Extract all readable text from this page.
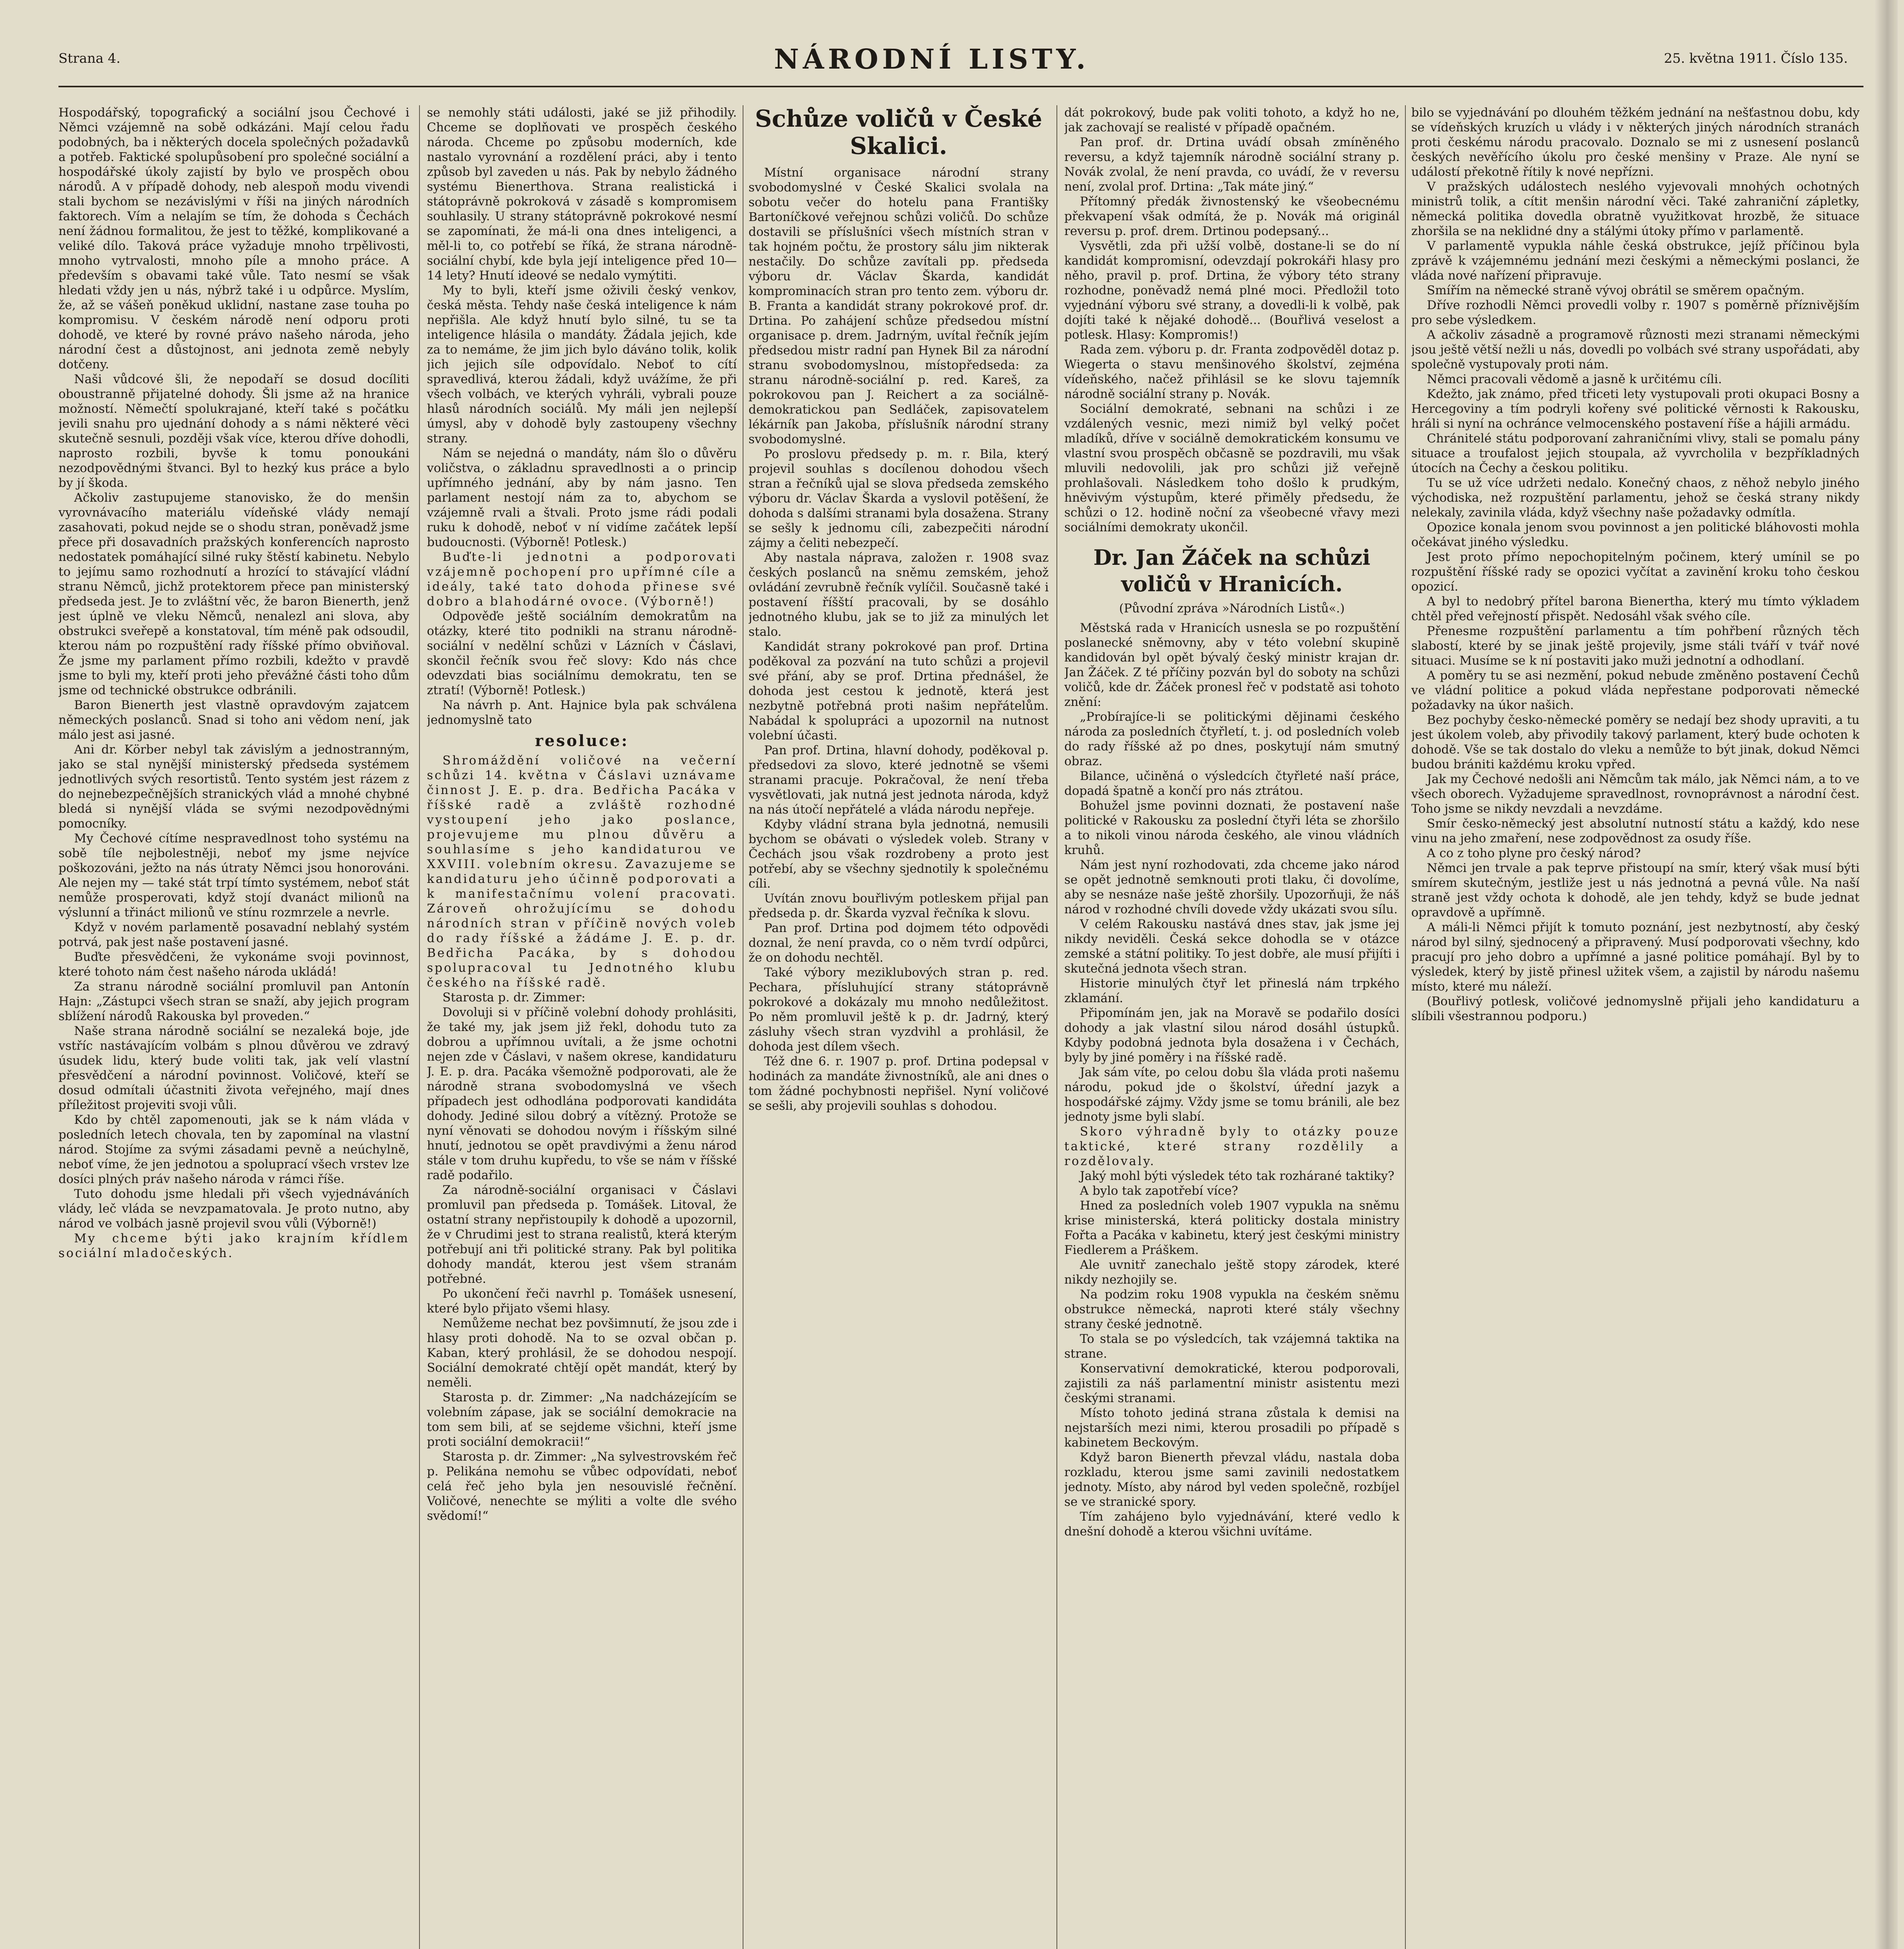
Strana 4.	NÁRODNÍ LISTY.	25. května 1911. Číslo 135.

Hospodářský, topografický a sociální jsou Čechové i Němci vzájemně na sobě odkázáni. Mají celou řadu podobných, ba i některých docela společných požadavků a potřeb. Faktické spolupůsobení pro společné sociální a hospodářské úkoly zajistí by bylo ve prospěch obou národů. A v případě dohody, neb alespoň modu vivendi stali bychom se nezávislými v říši na jiných národních faktorech. Vím a nelajím se tím, že dohoda s Čechách není žádnou formalitou, že jest to těžké, komplikované a veliké dílo. Taková práce vyžaduje mnoho trpělivosti, mnoho vytrvalosti, mnoho píle a mnoho práce. A především s obavami také vůle. Tato nesmí se však hledati vždy jen u nás, nýbrž také i u odpůrce. Myslím, že, až se vášeň poněkud uklidní, nastane zase touha po kompromisu. V českém národě není odporu proti dohodě, ve které by rovné právo našeho národa, jeho národní čest a důstojnost, ani jednota země nebyly dotčeny.

Naši vůdcové šli, že nepodaří se dosud docíliti oboustranně přijatelné dohody. Šli jsme až na hranice možností. Němečtí spolukrajané, kteří také s počátku jevili snahu pro ujednání dohody a s námi některé věci skutečně sesnuli, později však více, kterou dříve dohodli, naprosto rozbili, byvše k tomu ponoukáni nezodpovědnými štvanci. Byl to hezký kus práce a bylo by jí škoda.

Ačkoliv zastupujeme stanovisko, že do menšin vyrovnávacího materiálu vídeňské vlády nemají zasahovati, pokud nejde se o shodu stran, poněvadž jsme přece při dosavadních pražských konferencích naprosto nedostatek pomáhající silné ruky štěstí kabinetu. Nebylo to jejímu samo rozhodnutí a hrozící to stávající vládní stranu Němců, jichž protektorem přece pan ministerský předseda jest. Je to zvláštní věc, že baron Bienerth, jenž jest úplně ve vleku Němců, nenalezl ani slova, aby obstrukci sveřepě a konstatoval, tím méně pak odsoudil, kterou nám po rozpuštění rady říšské přímo obviňoval. Že jsme my parlament přímo rozbili, kdežto v pravdě jsme to byli my, kteří proti jeho převážné části toho dům jsme od technické obstrukce odbránili.

Baron Bienerth jest vlastně opravdovým zajatcem německých poslanců. Snad si toho ani vědom není, jak málo jest asi jasné.

Ani dr. Körber nebyl tak závislým a jednostranným, jako se stal nynější ministerský předseda systémem jednotlivých svých resortistů. Tento systém jest rázem z do nejnebezpečnějších stranických vlád a mnohé chybné bledá si nynější vláda se svými nezodpovědnými pomocníky.

My Čechové cítíme nespravedlnost toho systému na sobě tíle nejbolestněji, neboť my jsme nejvíce poškozováni, ježto na nás útraty Němci jsou honorováni. Ale nejen my — také stát trpí tímto systémem, neboť stát nemůže prosperovati, když stojí dvanáct milionů na výslunní a třináct milionů ve stínu rozmrzele a nevrle.

Když v novém parlamentě posavadní neblahý systém potrvá, pak jest naše postavení jasné.

Buďte přesvědčeni, že vykonáme svoji povinnost, které tohoto nám čest našeho národa ukládá!

Za stranu národně sociální promluvil pan Antonín Hajn: „Zástupci všech stran se snaží, aby jejich program sblížení národů Rakouska byl proveden.“

Naše strana národně sociální se nezaleká boje, jde vstříc nastávajícím volbám s plnou důvěrou ve zdravý úsudek lidu, který bude voliti tak, jak velí vlastní přesvědčení a národní povinnost. Voličové, kteří se dosud odmítali účastniti života veřejného, mají dnes příležitost projeviti svoji vůli.

Kdo by chtěl zapomenouti, jak se k nám vláda v posledních letech chovala, ten by zapomínal na vlastní národ. Stojíme za svými zásadami pevně a neúchylně, neboť víme, že jen jednotou a spoluprací všech vrstev lze dosíci plných práv našeho národa v rámci říše.

Tuto dohodu jsme hledali při všech vyjednáváních vlády, leč vláda se nevzpamatovala. Je proto nutno, aby národ ve volbách jasně projevil svou vůli (Výborně!)

My chceme býti jako krajním křídlem sociální mladočeských.

se nemohly státi události, jaké se již přihodily. Chceme se doplňovati ve prospěch českého národa. Chceme po způsobu moderních, kde nastalo vyrovnání a rozdělení práci, aby i tento způsob byl zaveden u nás. Pak by nebylo žádného systému Bienerthova. Strana realistická i státoprávně pokroková v zásadě s kompromisem souhlasily. U strany státoprávně pokrokové nesmí se zapomínati, že má-li ona dnes inteligenci, a měl-li to, co potřebí se říká, že strana národně-sociální chybí, kde byla její inteligence před 10—14 lety? Hnutí ideové se nedalo vymýtiti.

My to byli, kteří jsme oživili český venkov, česká města. Tehdy naše česká inteligence k nám nepřišla. Ale když hnutí bylo silné, tu se ta inteligence hlásila o mandáty. Žádala jejich, kde za to nemáme, že jim jich bylo dáváno tolik, kolik jich jejich síle odpovídalo. Neboť to cítí spravedlivá, kterou žádali, když uvážíme, že při všech volbách, ve kterých vyhráli, vybrali pouze hlasů národních sociálů. My máli jen nejlepší úmysl, aby v dohodě byly zastoupeny všechny strany.

Nám se nejedná o mandáty, nám šlo o důvěru voličstva, o základnu spravedlnosti a o princip upřímného jednání, aby by nám jasno. Ten parlament nestojí nám za to, abychom se vzájemně rvali a štvali. Proto jsme rádi podali ruku k dohodě, neboť v ní vidíme začátek lepší budoucnosti. (Výborně! Potlesk.)

Buďte-li jednotni a podporovati vzájemně pochopení pro upřímné cíle a ideály, také tato dohoda přinese své dobro a blahodárné ovoce. (Výborně!)

Odpověďe ještě sociálním demokratům na otázky, které tito podnikli na stranu národně-sociální v nedělní schůzi v Lázních v Čáslavi, skončil řečník svou řeč slovy: Kdo nás chce odevzdati bias sociálnímu demokratu, ten se ztratí! (Výborně! Potlesk.)

Na návrh p. Ant. Hajnice byla pak schválena jednomyslně tato

resoluce:

Shromáždění voličové na večerní schůzi 14. května v Čáslavi uznávame činnost J. E. p. dra. Bedřicha Pacáka v říšské radě a zvláště rozhodné vystoupení jeho jako poslance, projevujeme mu plnou důvěru a souhlasíme s jeho kandidaturou ve XXVIII. volebním okresu. Zavazujeme se kandidaturu jeho účinně podporovati a k manifestačnímu volení pracovati. Zároveň ohrožujícímu se dohodu národních stran v příčině nových voleb do rady říšské a žádáme J. E. p. dr. Bedřicha Pacáka, by s dohodou spolupracoval tu Jednotného klubu českého na říšské radě.

Starosta p. dr. Zimmer:

Dovoluji si v příčině volební dohody prohlásiti, že také my, jak jsem již řekl, dohodu tuto za dobrou a upřímnou uvítali, a že jsme ochotni nejen zde v Čáslavi, v našem okrese, kandidaturu J. E. p. dra. Pacáka všemožně podporovati, ale že národně strana svobodomyslná ve všech případech jest odhodlána podporovati kandidáta dohody. Jediné silou dobrý a vítězný. Protože se nyní věnovati se dohodou novým i říšským silné hnutí, jednotou se opět pravdivými a ženu národ stále v tom druhu kupředu, to vše se nám v říšské radě podařilo.

Za národně-sociální organisaci v Čáslavi promluvil pan předseda p. Tomášek. Litoval, že ostatní strany nepřistoupily k dohodě a upozornil, že v Chrudimi jest to strana realistů, která kterým potřebují ani tři politické strany. Pak byl politika dohody mandát, kterou jest všem stranám potřebné.

Po ukončení řeči navrhl p. Tomášek usnesení, které bylo přijato všemi hlasy.

Nemůžeme nechat bez povšimnutí, že jsou zde i hlasy proti dohodě. Na to se ozval občan p. Kaban, který prohlásil, že se dohodou nespojí. Sociální demokraté chtějí opět mandát, který by neměli.

Starosta p. dr. Zimmer: „Na nadcházejícím se volebním zápase, jak se sociální demokracie na tom sem bili, ať se sejdeme všichni, kteří jsme proti sociální demokracii!“

Starosta p. dr. Zimmer: „Na sylvestrovském řeč p. Pelikána nemohu se vůbec odpovídati, neboť celá řeč jeho byla jen nesouvislé řečnění. Voličové, nenechte se mýliti a volte dle svého svědomí!“

Schůze voličů v České Skalici.

Místní organisace národní strany svobodomyslné v České Skalici svolala na sobotu večer do hotelu pana Františky Bartoníčkové veřejnou schůzi voličů. Do schůze dostavili se příslušníci všech místních stran v tak hojném počtu, že prostory sálu jim nikterak nestačily. Do schůze zavítali pp. předseda výboru dr. Václav Škarda, kandidát komprominacích stran pro tento zem. výboru dr. B. Franta a kandidát strany pokrokové prof. dr. Drtina. Po zahájení schůze předsedou místní organisace p. drem. Jadrným, uvítal řečník jejím předsedou mistr radní pan Hynek Bil za národní stranu svobodomyslnou, místopředseda: za stranu národně-sociální p. red. Kareš, za pokrokovou pan J. Reichert a za sociálně-demokratickou pan Sedláček, zapisovatelem lékárník pan Jakoba, příslušník národní strany svobodomyslné.

Po proslovu předsedy p. m. r. Bila, který projevil souhlas s docílenou dohodou všech stran a řečníků ujal se slova předseda zemského výboru dr. Václav Škarda a vyslovil potěšení, že dohoda s dalšími stranami byla dosažena. Strany se sešly k jednomu cíli, zabezpečiti národní zájmy a čeliti nebezpečí.

Aby nastala náprava, založen r. 1908 svaz českých poslanců na sněmu zemském, jehož ovládání zevrubně řečník vylíčil. Současně také i postavení říšští pracovali, by se dosáhlo jednotného klubu, jak se to již za minulých let stalo.

Kandidát strany pokrokové pan prof. Drtina poděkoval za pozvání na tuto schůzi a projevil své přání, aby se prof. Drtina přednášel, že dohoda jest cestou k jednotě, která jest nezbytně potřebná proti našim nepřátelům. Nabádal k spolupráci a upozornil na nutnost volební účasti.

Pan prof. Drtina, hlavní dohody, poděkoval p. předsedovi za slovo, které jednotně se všemi stranami pracuje. Pokračoval, že není třeba vysvětlovati, jak nutná jest jednota národa, když na nás útočí nepřátelé a vláda národu nepřeje.

Kdyby vládní strana byla jednotná, nemusili bychom se obávati o výsledek voleb. Strany v Čechách jsou však rozdrobeny a proto jest potřebí, aby se všechny sjednotily k společnému cíli.

Uvítán znovu bouřlivým potleskem přijal pan předseda p. dr. Škarda vyzval řečníka k slovu.

Pan prof. Drtina pod dojmem této odpovědi doznal, že není pravda, co o něm tvrdí odpůrci, že on dohodu nechtěl.

Také výbory meziklubových stran p. red. Pechara, přísluhující strany státoprávně pokrokové a dokázaly mu mnoho nedůležitost. Po něm promluvil ještě k p. dr. Jadrný, který zásluhy všech stran vyzdvihl a prohlásil, že dohoda jest dílem všech.

Též dne 6. r. 1907 p. prof. Drtina podepsal v hodinách za mandáte živnostníků, ale ani dnes o tom žádné pochybnosti nepřišel. Nyní voličové se sešli, aby projevili souhlas s dohodou.

dát pokrokový, bude pak voliti tohoto, a když ho ne, jak zachovají se realisté v případě opačném.

Pan prof. dr. Drtina uvádí obsah zmíněného reversu, a když tajemník národně sociální strany p. Novák zvolal, že není pravda, co uvádí, že v reversu není, zvolal prof. Drtina: „Tak máte jiný.“

Přítomný předák živnostenský ke všeobecnému překvapení však odmítá, že p. Novák má originál reversu p. prof. drem. Drtinou podepsaný...

Vysvětli, zda při užší volbě, dostane-li se do ní kandidát kompromisní, odevzdají pokrokáři hlasy pro něho, pravil p. prof. Drtina, že výbory této strany rozhodne, poněvadž nemá plné moci. Předložil toto vyjednání výboru své strany, a dovedli-li k volbě, pak dojíti také k nějaké dohodě... (Bouřlivá veselost a potlesk. Hlasy: Kompromis!)

Rada zem. výboru p. dr. Franta zodpověděl dotaz p. Wiegerta o stavu menšinového školství, zejména vídeňského, načež přihlásil se ke slovu tajemník národně sociální strany p. Novák.

Sociální demokraté, sebnani na schůzi i ze vzdálených vesnic, mezi nimiž byl velký počet mladíků, dříve v sociálně demokratickém konsumu ve vlastní svou prospěch občasně se pozdravili, mu však mluvili nedovolili, jak pro schůzi již veřejně prohlašovali. Následkem toho došlo k prudkým, hněvivým výstupům, které přiměly předsedu, že schůzi o 12. hodině noční za všeobecné vřavy mezi sociálními demokraty ukončil.

Dr. Jan Žáček na schůzi voličů v Hranicích.

(Původní zpráva »Národních Listů«.)

Městská rada v Hranicích usnesla se po rozpuštění poslanecké sněmovny, aby v této volební skupině kandidován byl opět bývalý český ministr krajan dr. Jan Žáček. Z té příčiny pozván byl do soboty na schůzi voličů, kde dr. Žáček pronesl řeč v podstatě asi tohoto znění:

„Probírajíce-li se politickými dějinami českého národa za posledních čtyřletí, t. j. od posledních voleb do rady říšské až po dnes, poskytují nám smutný obraz.

Bilance, učiněná o výsledcích čtyřleté naší práce, dopadá špatně a končí pro nás ztrátou.

Bohužel jsme povinni doznati, že postavení naše politické v Rakousku za poslední čtyři léta se zhoršilo a to nikoli vinou národa českého, ale vinou vládních kruhů.

Nám jest nyní rozhodovati, zda chceme jako národ se opět jednotně semknouti proti tlaku, či dovolíme, aby se nesnáze naše ještě zhoršily. Upozorňuji, že náš národ v rozhodné chvíli dovede vždy ukázati svou sílu.

V celém Rakousku nastává dnes stav, jak jsme jej nikdy neviděli. Česká sekce dohodla se v otázce zemské a státní politiky. To jest dobře, ale musí přijíti i skutečná jednota všech stran.

Historie minulých čtyř let přineslá nám trpkého zklamání.

Připomínám jen, jak na Moravě se podařilo dosíci dohody a jak vlastní silou národ dosáhl ústupků. Kdyby podobná jednota byla dosažena i v Čechách, byly by jiné poměry i na říšské radě.

Jak sám víte, po celou dobu šla vláda proti našemu národu, pokud jde o školství, úřední jazyk a hospodářské zájmy. Vždy jsme se tomu bránili, ale bez jednoty jsme byli slabí.

Skoro výhradně byly to otázky pouze taktické, které strany rozdělily a rozdělovaly.

Jaký mohl býti výsledek této tak rozhárané taktiky?

A bylo tak zapotřebí více?

Hned za posledních voleb 1907 vypukla na sněmu krise ministerská, která politicky dostala ministry Fořta a Pacáka v kabinetu, který jest českými ministry Fiedlerem a Práškem.

Ale uvnitř zanechalo ještě stopy zárodek, které nikdy nezhojily se.

Na podzim roku 1908 vypukla na českém sněmu obstrukce německá, naproti které stály všechny strany české jednotně.

To stala se po výsledcích, tak vzájemná taktika na strane.

Konservativní demokratické, kterou podporovali, zajistili za náš parlamentní ministr asistentu mezi českými stranami.

Místo tohoto jediná strana zůstala k demisi na nejstarších mezi nimi, kterou prosadili po případě s kabinetem Beckovým.

Když baron Bienerth převzal vládu, nastala doba rozkladu, kterou jsme sami zavinili nedostatkem jednoty. Místo, aby národ byl veden společně, rozbíjel se ve stranické spory.

Tím zahájeno bylo vyjednávání, které vedlo k dnešní dohodě a kterou všichni uvítáme.

bilo se vyjednávání po dlouhém těžkém jednání na nešťastnou dobu, kdy se vídeňských kruzích u vlády i v některých jiných národních stranách proti českému národu pracovalo. Doznalo se mi z usnesení poslanců českých nevěřícího úkolu pro české menšiny v Praze. Ale nyní se událostí překotně řítily k nové nepřízni.

V pražských událostech neslého vyjevovali mnohých ochotných ministrů tolik, a cítit menšin národní věci. Také zahraniční zápletky, německá politika dovedla obratně využitkovat hrozbě, že situace zhoršila se na neklidné dny a stálými útoky přímo v parlamentě.

V parlamentě vypukla náhle česká obstrukce, jejíž příčinou byla zprávě k vzájemnému jednání mezi českými a německými poslanci, že vláda nové nařízení připravuje.

Smířím na německé straně vývoj obrátil se směrem opačným.

Dříve rozhodli Němci provedli volby r. 1907 s poměrně příznivějším pro sebe výsledkem.

A ačkoliv zásadně a programově různosti mezi stranami německými jsou ještě větší nežli u nás, dovedli po volbách své strany uspořádati, aby společně vystupovaly proti nám.

Němci pracovali vědomě a jasně k určitému cíli.

Kdežto, jak známo, před třiceti lety vystupovali proti okupaci Bosny a Hercegoviny a tím podryli kořeny své politické věrnosti k Rakousku, hráli si nyní na ochránce velmocenského postavení říše a hájili armádu.

Chránitelé státu podporovaní zahraničními vlivy, stali se pomalu pány situace a troufalost jejich stoupala, až vyvrcholila v bezpříkladných útocích na Čechy a českou politiku.

Tu se už více udržeti nedalo. Konečný chaos, z něhož nebylo jiného východiska, než rozpuštění parlamentu, jehož se česká strany nikdy nelekaly, zavinila vláda, když všechny naše požadavky odmítla.

Opozice konala jenom svou povinnost a jen politické bláhovosti mohla očekávat jiného výsledku.

Jest proto přímo nepochopitelným počinem, který umínil se po rozpuštění říšské rady se opozici vyčítat a zavinění kroku toho českou opozicí.

A byl to nedobrý přítel barona Bienertha, který mu tímto výkladem chtěl před veřejností přispět. Nedosáhl však svého cíle.

Přenesme rozpuštění parlamentu a tím pohřbení různých těch slabostí, které by se jinak ještě projevily, jsme stáli tváří v tvář nové situaci. Musíme se k ní postaviti jako muži jednotní a odhodlaní.

A poměry tu se asi nezmění, pokud nebude změněno postavení Čechů ve vládní politice a pokud vláda nepřestane podporovati německé požadavky na úkor našich.

Bez pochyby česko-německé poměry se nedají bez shody upraviti, a tu jest úkolem voleb, aby přivodily takový parlament, který bude ochoten k dohodě. Vše se tak dostalo do vleku a nemůže to být jinak, dokud Němci budou brániti každému kroku vpřed.

Jak my Čechové nedošli ani Němcům tak málo, jak Němci nám, a to ve všech oborech. Vyžadujeme spravedlnost, rovnoprávnost a národní čest. Toho jsme se nikdy nevzdali a nevzdáme.

Smír česko-německý jest absolutní nutností státu a každý, kdo nese vinu na jeho zmaření, nese zodpovědnost za osudy říše.

A co z toho plyne pro český národ?

Němci jen trvale a pak teprve přistoupí na smír, který však musí býti smírem skutečným, jestliže jest u nás jednotná a pevná vůle. Na naší straně jest vždy ochota k dohodě, ale jen tehdy, když se bude jednat opravdově a upřímně.

A máli-li Němci přijít k tomuto poznání, jest nezbytností, aby český národ byl silný, sjednocený a připravený. Musí podporovati všechny, kdo pracují pro jeho dobro a upřímné a jasné politice pomáhají. Byl by to výsledek, který by jistě přinesl užitek všem, a zajistil by národu našemu místo, které mu náleží.

(Bouřlivý potlesk, voličové jednomyslně přijali jeho kandidaturu a slíbili všestrannou podporu.)
